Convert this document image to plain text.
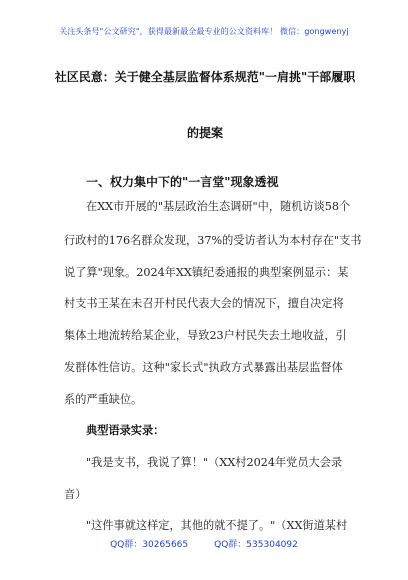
关注头条号"公文研究"，获得最新最全最专业的公文资料库！ 微信：gongwenyj
社区民意：关于健全基层监督体系规范"一肩挑"干部履职
的提案
一、权力集中下的"一言堂"现象透视
在XX市开展的"基层政治生态调研"中，随机访谈58个
行政村的176名群众发现，37%的受访者认为本村存在"支书
说了算"现象。2024年XX镇纪委通报的典型案例显示：某
村支书王某在未召开村民代表大会的情况下，擅自决定将
集体土地流转给某企业，导致23户村民失去土地收益，引
发群体性信访。这种"家长式"执政方式暴露出基层监督体
系的严重缺位。
典型语录实录：
"我是支书，我说了算！"（XX村2024年党员大会录
音）
"这件事就这样定，其他的就不提了。"（XX街道某村
QQ群：30265665	QQ群：535304092
